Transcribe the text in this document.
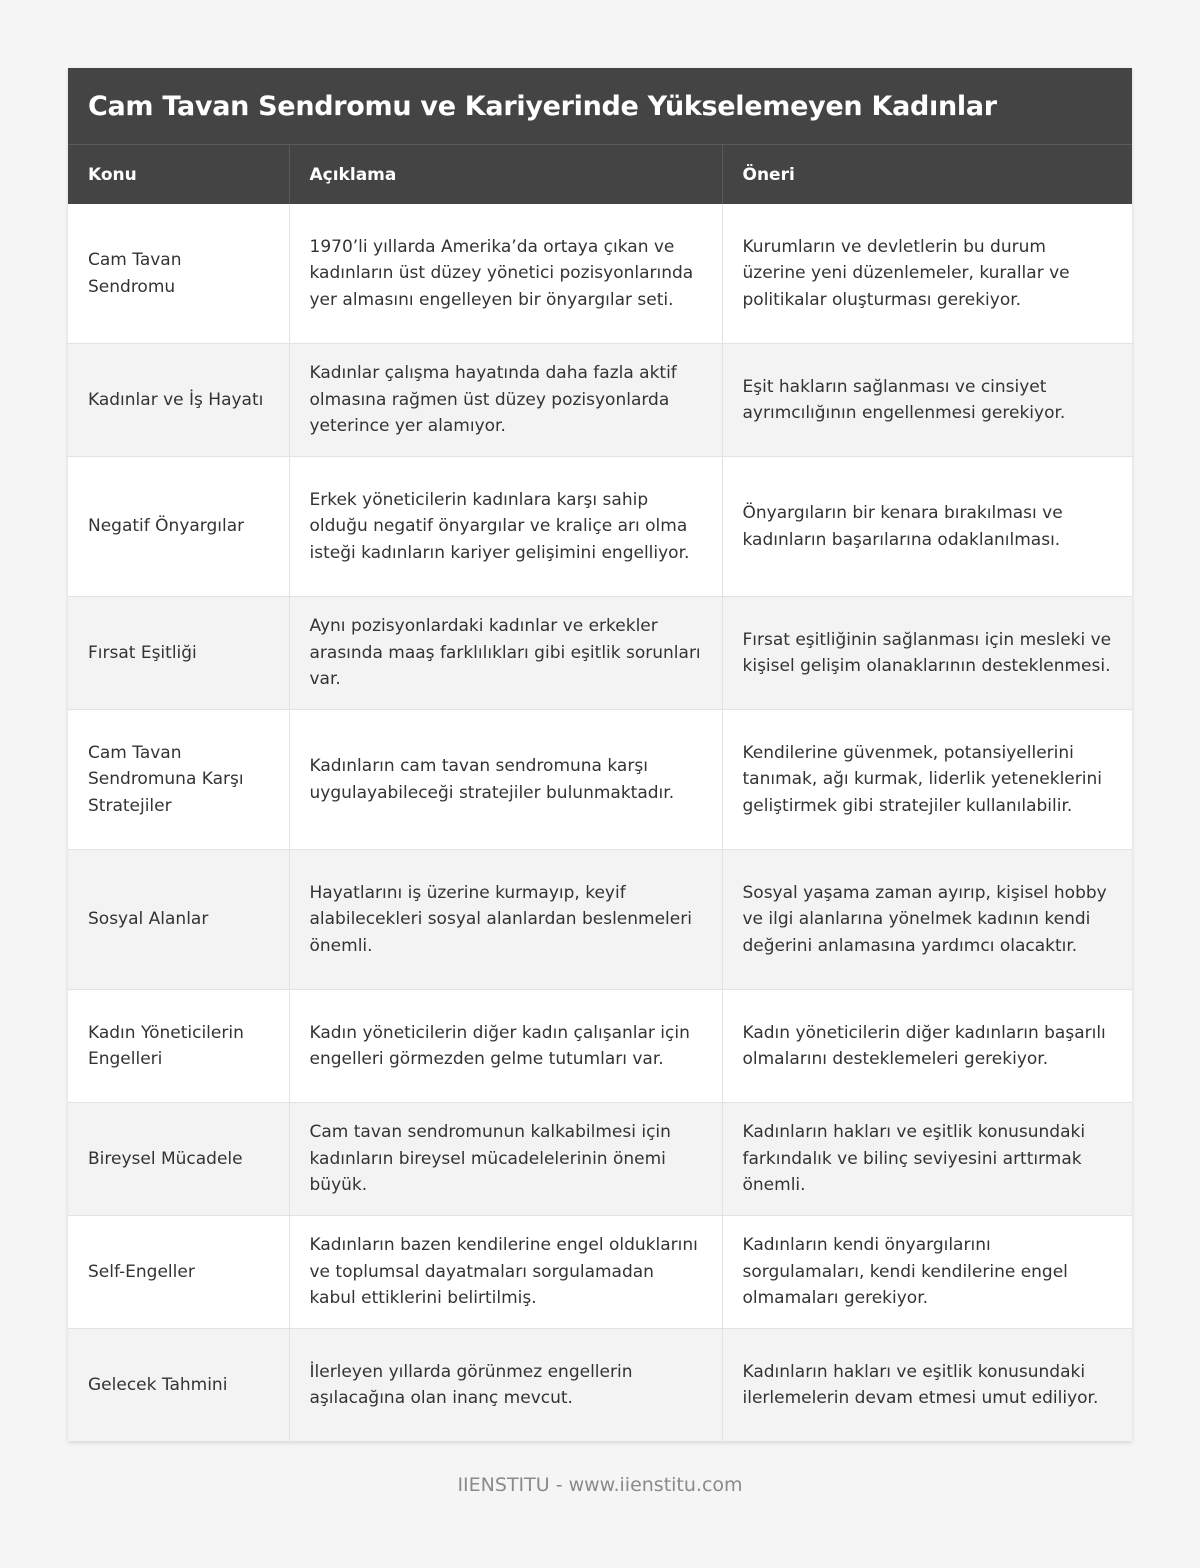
Cam Tavan Sendromu ve Kariyerinde Yükselemeyen Kadınlar
Konu	Açıklama	Öneri
Cam Tavan Sendromu	1970’li yıllarda Amerika’da ortaya çıkan ve kadınların üst düzey yönetici pozisyonlarında yer almasını engelleyen bir önyargılar seti.	Kurumların ve devletlerin bu durum üzerine yeni düzenlemeler, kurallar ve politikalar oluşturması gerekiyor.
Kadınlar ve İş Hayatı	Kadınlar çalışma hayatında daha fazla aktif olmasına rağmen üst düzey pozisyonlarda yeterince yer alamıyor.	Eşit hakların sağlanması ve cinsiyet ayrımcılığının engellenmesi gerekiyor.
Negatif Önyargılar	Erkek yöneticilerin kadınlara karşı sahip olduğu negatif önyargılar ve kraliçe arı olma isteği kadınların kariyer gelişimini engelliyor.	Önyargıların bir kenara bırakılması ve kadınların başarılarına odaklanılması.
Fırsat Eşitliği	Aynı pozisyonlardaki kadınlar ve erkekler arasında maaş farklılıkları gibi eşitlik sorunları var.	Fırsat eşitliğinin sağlanması için mesleki ve kişisel gelişim olanaklarının desteklenmesi.
Cam Tavan Sendromuna Karşı Stratejiler	Kadınların cam tavan sendromuna karşı uygulayabileceği stratejiler bulunmaktadır.	Kendilerine güvenmek, potansiyellerini tanımak, ağı kurmak, liderlik yeteneklerini geliştirmek gibi stratejiler kullanılabilir.
Sosyal Alanlar	Hayatlarını iş üzerine kurmayıp, keyif alabilecekleri sosyal alanlardan beslenmeleri önemli.	Sosyal yaşama zaman ayırıp, kişisel hobby ve ilgi alanlarına yönelmek kadının kendi değerini anlamasına yardımcı olacaktır.
Kadın Yöneticilerin Engelleri	Kadın yöneticilerin diğer kadın çalışanlar için engelleri görmezden gelme tutumları var.	Kadın yöneticilerin diğer kadınların başarılı olmalarını desteklemeleri gerekiyor.
Bireysel Mücadele	Cam tavan sendromunun kalkabilmesi için kadınların bireysel mücadelelerinin önemi büyük.	Kadınların hakları ve eşitlik konusundaki farkındalık ve bilinç seviyesini arttırmak önemli.
Self-Engeller	Kadınların bazen kendilerine engel olduklarını ve toplumsal dayatmaları sorgulamadan kabul ettiklerini belirtilmiş.	Kadınların kendi önyargılarını sorgulamaları, kendi kendilerine engel olmamaları gerekiyor.
Gelecek Tahmini	İlerleyen yıllarda görünmez engellerin aşılacağına olan inanç mevcut.	Kadınların hakları ve eşitlik konusundaki ilerlemelerin devam etmesi umut ediliyor.
IIENSTITU - www.iienstitu.com
